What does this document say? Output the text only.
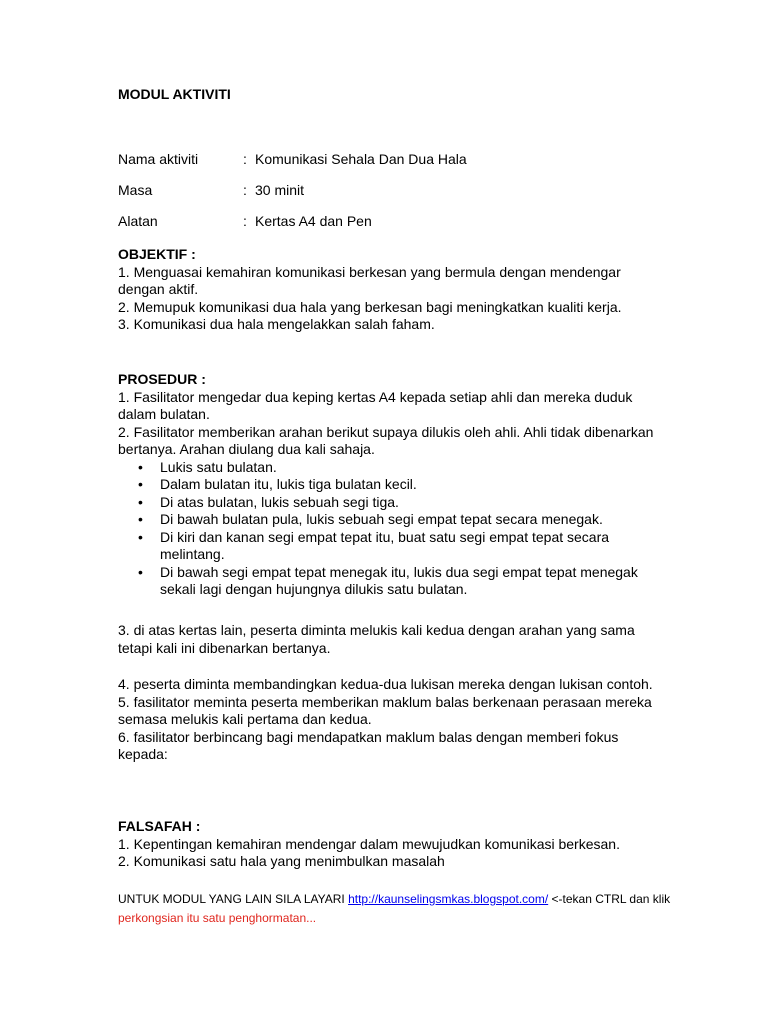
MODUL AKTIVITI
Nama aktiviti	: Komunikasi Sehala Dan Dua Hala
Masa	: 30 minit
Alatan	: Kertas A4 dan Pen
OBJEKTIF :

1. Menguasai kemahiran komunikasi berkesan yang bermula dengan mendengar dengan aktif.

2. Memupuk komunikasi dua hala yang berkesan bagi meningkatkan kualiti kerja.

3. Komunikasi dua hala mengelakkan salah faham.

PROSEDUR :

1. Fasilitator mengedar dua keping kertas A4 kepada setiap ahli dan mereka duduk dalam bulatan.

2. Fasilitator memberikan arahan berikut supaya dilukis oleh ahli. Ahli tidak dibenarkan bertanya. Arahan diulang dua kali sahaja.

• Lukis satu bulatan.
• Dalam bulatan itu, lukis tiga bulatan kecil.
• Di atas bulatan, lukis sebuah segi tiga.
• Di bawah bulatan pula, lukis sebuah segi empat tepat secara menegak.
• Di kiri dan kanan segi empat tepat itu, buat satu segi empat tepat secara melintang.
• Di bawah segi empat tepat menegak itu, lukis dua segi empat tepat menegak sekali lagi dengan hujungnya dilukis satu bulatan.

3. di atas kertas lain, peserta diminta melukis kali kedua dengan arahan yang sama tetapi kali ini dibenarkan bertanya.

4. peserta diminta membandingkan kedua-dua lukisan mereka dengan lukisan contoh.

5. fasilitator meminta peserta memberikan maklum balas berkenaan perasaan mereka semasa melukis kali pertama dan kedua.

6. fasilitator berbincang bagi mendapatkan maklum balas dengan memberi fokus kepada:

FALSAFAH :

1. Kepentingan kemahiran mendengar dalam mewujudkan komunikasi berkesan.

2. Komunikasi satu hala yang menimbulkan masalah

UNTUK MODUL YANG LAIN SILA LAYARI http://kaunselingsmkas.blogspot.com/ <-tekan CTRL dan klik
perkongsian itu satu penghormatan...
